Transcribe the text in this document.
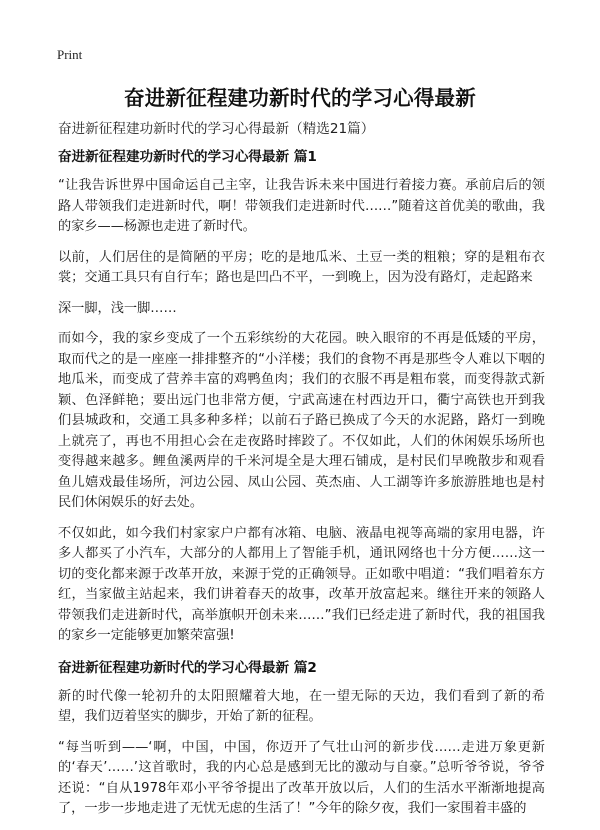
Print
奋进新征程建功新时代的学习心得最新
奋进新征程建功新时代的学习心得最新（精选21篇）
奋进新征程建功新时代的学习心得最新 篇1

“让我告诉世界中国命运自己主宰，让我告诉未来中国进行着接力赛。承前启后的领路人带领我们走进新时代，啊！带领我们走进新时代……”随着这首优美的歌曲，我的家乡——杨源也走进了新时代。

以前，人们居住的是简陋的平房；吃的是地瓜米、土豆一类的粗粮；穿的是粗布衣裳；交通工具只有自行车；路也是凹凸不平，一到晚上，因为没有路灯，走起路来

深一脚，浅一脚……

而如今，我的家乡变成了一个五彩缤纷的大花园。映入眼帘的不再是低矮的平房，取而代之的是一座座一排排整齐的“小洋楼；我们的食物不再是那些令人难以下咽的地瓜米，而变成了营养丰富的鸡鸭鱼肉；我们的衣服不再是粗布裳，而变得款式新颖、色泽鲜艳；要出远门也非常方便，宁武高速在村西边开口，衢宁高铁也开到我们县城政和，交通工具多种多样；以前石子路已换成了今天的水泥路，路灯一到晚上就亮了，再也不用担心会在走夜路时摔跤了。不仅如此，人们的休闲娱乐场所也变得越来越多。鲤鱼溪两岸的千米河堤全是大理石铺成，是村民们早晚散步和观看鱼儿嬉戏最佳场所，河边公园、凤山公园、英杰庙、人工湖等许多旅游胜地也是村民们休闲娱乐的好去处。

不仅如此，如今我们村家家户户都有冰箱、电脑、液晶电视等高端的家用电器，许多人都买了小汽车，大部分的人都用上了智能手机，通讯网络也十分方便……这一切的变化都来源于改革开放，来源于党的正确领导。正如歌中唱道：“我们唱着东方红，当家做主站起来，我们讲着春天的故事，改革开放富起来。继往开来的领路人带领我们走进新时代，高举旗帜开创未来……”我们已经走进了新时代，我的祖国我的家乡一定能够更加繁荣富强!

奋进新征程建功新时代的学习心得最新 篇2

新的时代像一轮初升的太阳照耀着大地，在一望无际的天边，我们看到了新的希望，我们迈着坚实的脚步，开始了新的征程。

“每当听到——‘啊，中国，中国，你迈开了气壮山河的新步伐……走进万象更新的‘春天’……’这首歌时，我的内心总是感到无比的激动与自豪。”总听爷爷说，爷爷还说：“自从1978年邓小平爷爷提出了改革开放以后，人们的生活水平渐渐地提高了，一步一步地走进了无忧无虑的生活了！”今年的除夕夜，我们一家围着丰盛的
